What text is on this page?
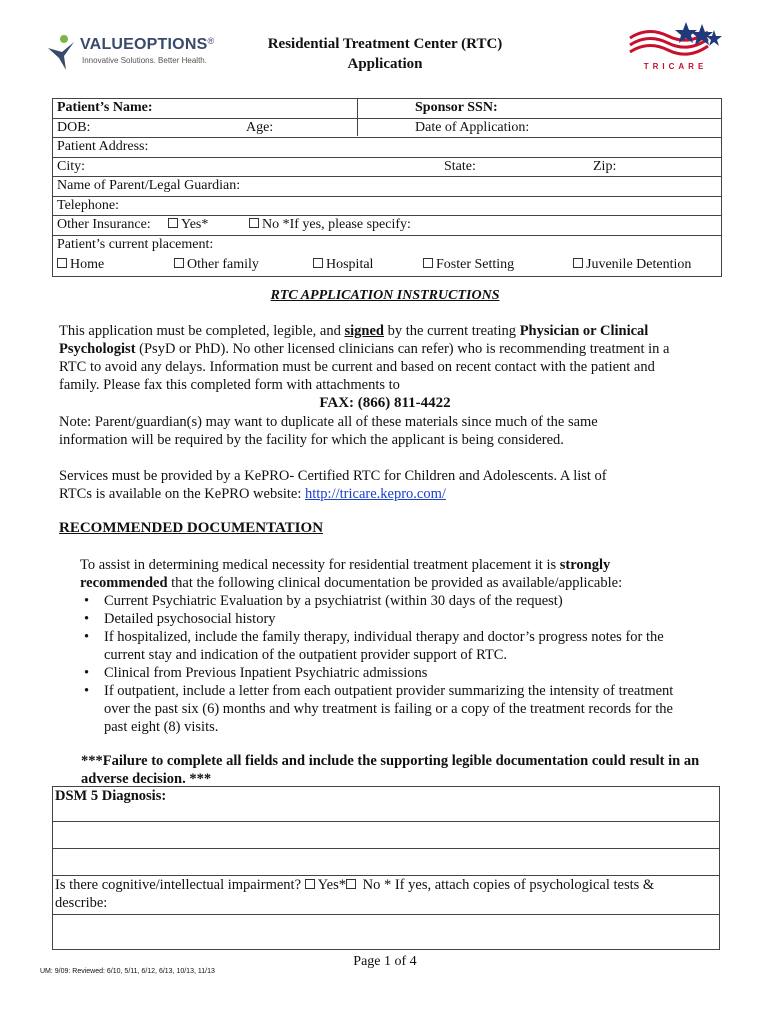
VALUEOPTIONS®
Innovative Solutions. Better Health.
Residential Treatment Center (RTC)
Application	TRICARE
Patient’s Name:	Sponsor SSN:
DOB:	Age:	Date of Application:
Patient Address:
City:	State:	Zip:
Name of Parent/Legal Guardian:
Telephone:
Other Insurance:	Yes*	No *If yes, please specify:
Patient’s current placement:
Home	Other family	Hospital	Foster Setting	Juvenile Detention
RTC APPLICATION INSTRUCTIONS
This application must be completed, legible, and signed by the current treating Physician or Clinical
Psychologist (PsyD or PhD). No other licensed clinicians can refer) who is recommending treatment in a
RTC to avoid any delays. Information must be current and based on recent contact with the patient and
family. Please fax this completed form with attachments to
FAX: (866) 811-4422
Note: Parent/guardian(s) may want to duplicate all of these materials since much of the same
information will be required by the facility for which the applicant is being considered.
Services must be provided by a KePRO- Certified RTC for Children and Adolescents. A list of
RTCs is available on the KePRO website: http://tricare.kepro.com/
RECOMMENDED DOCUMENTATION
To assist in determining medical necessity for residential treatment placement it is strongly
recommended that the following clinical documentation be provided as available/applicable:
• Current Psychiatric Evaluation by a psychiatrist (within 30 days of the request)
• Detailed psychosocial history
• If hospitalized, include the family therapy, individual therapy and doctor’s progress notes for the current stay and indication of the outpatient provider support of RTC.
• Clinical from Previous Inpatient Psychiatric admissions
• If outpatient, include a letter from each outpatient provider summarizing the intensity of treatment over the past six (6) months and why treatment is failing or a copy of the treatment records for the past eight (8) visits.
***Failure to complete all fields and include the supporting legible documentation could result in an adverse decision. ***
DSM 5 Diagnosis:
Is there cognitive/intellectual impairment? Yes* No * If yes, attach copies of psychological tests &
describe:
Page 1 of 4
UM: 9/09: Reviewed: 6/10, 5/11, 6/12, 6/13, 10/13, 11/13
